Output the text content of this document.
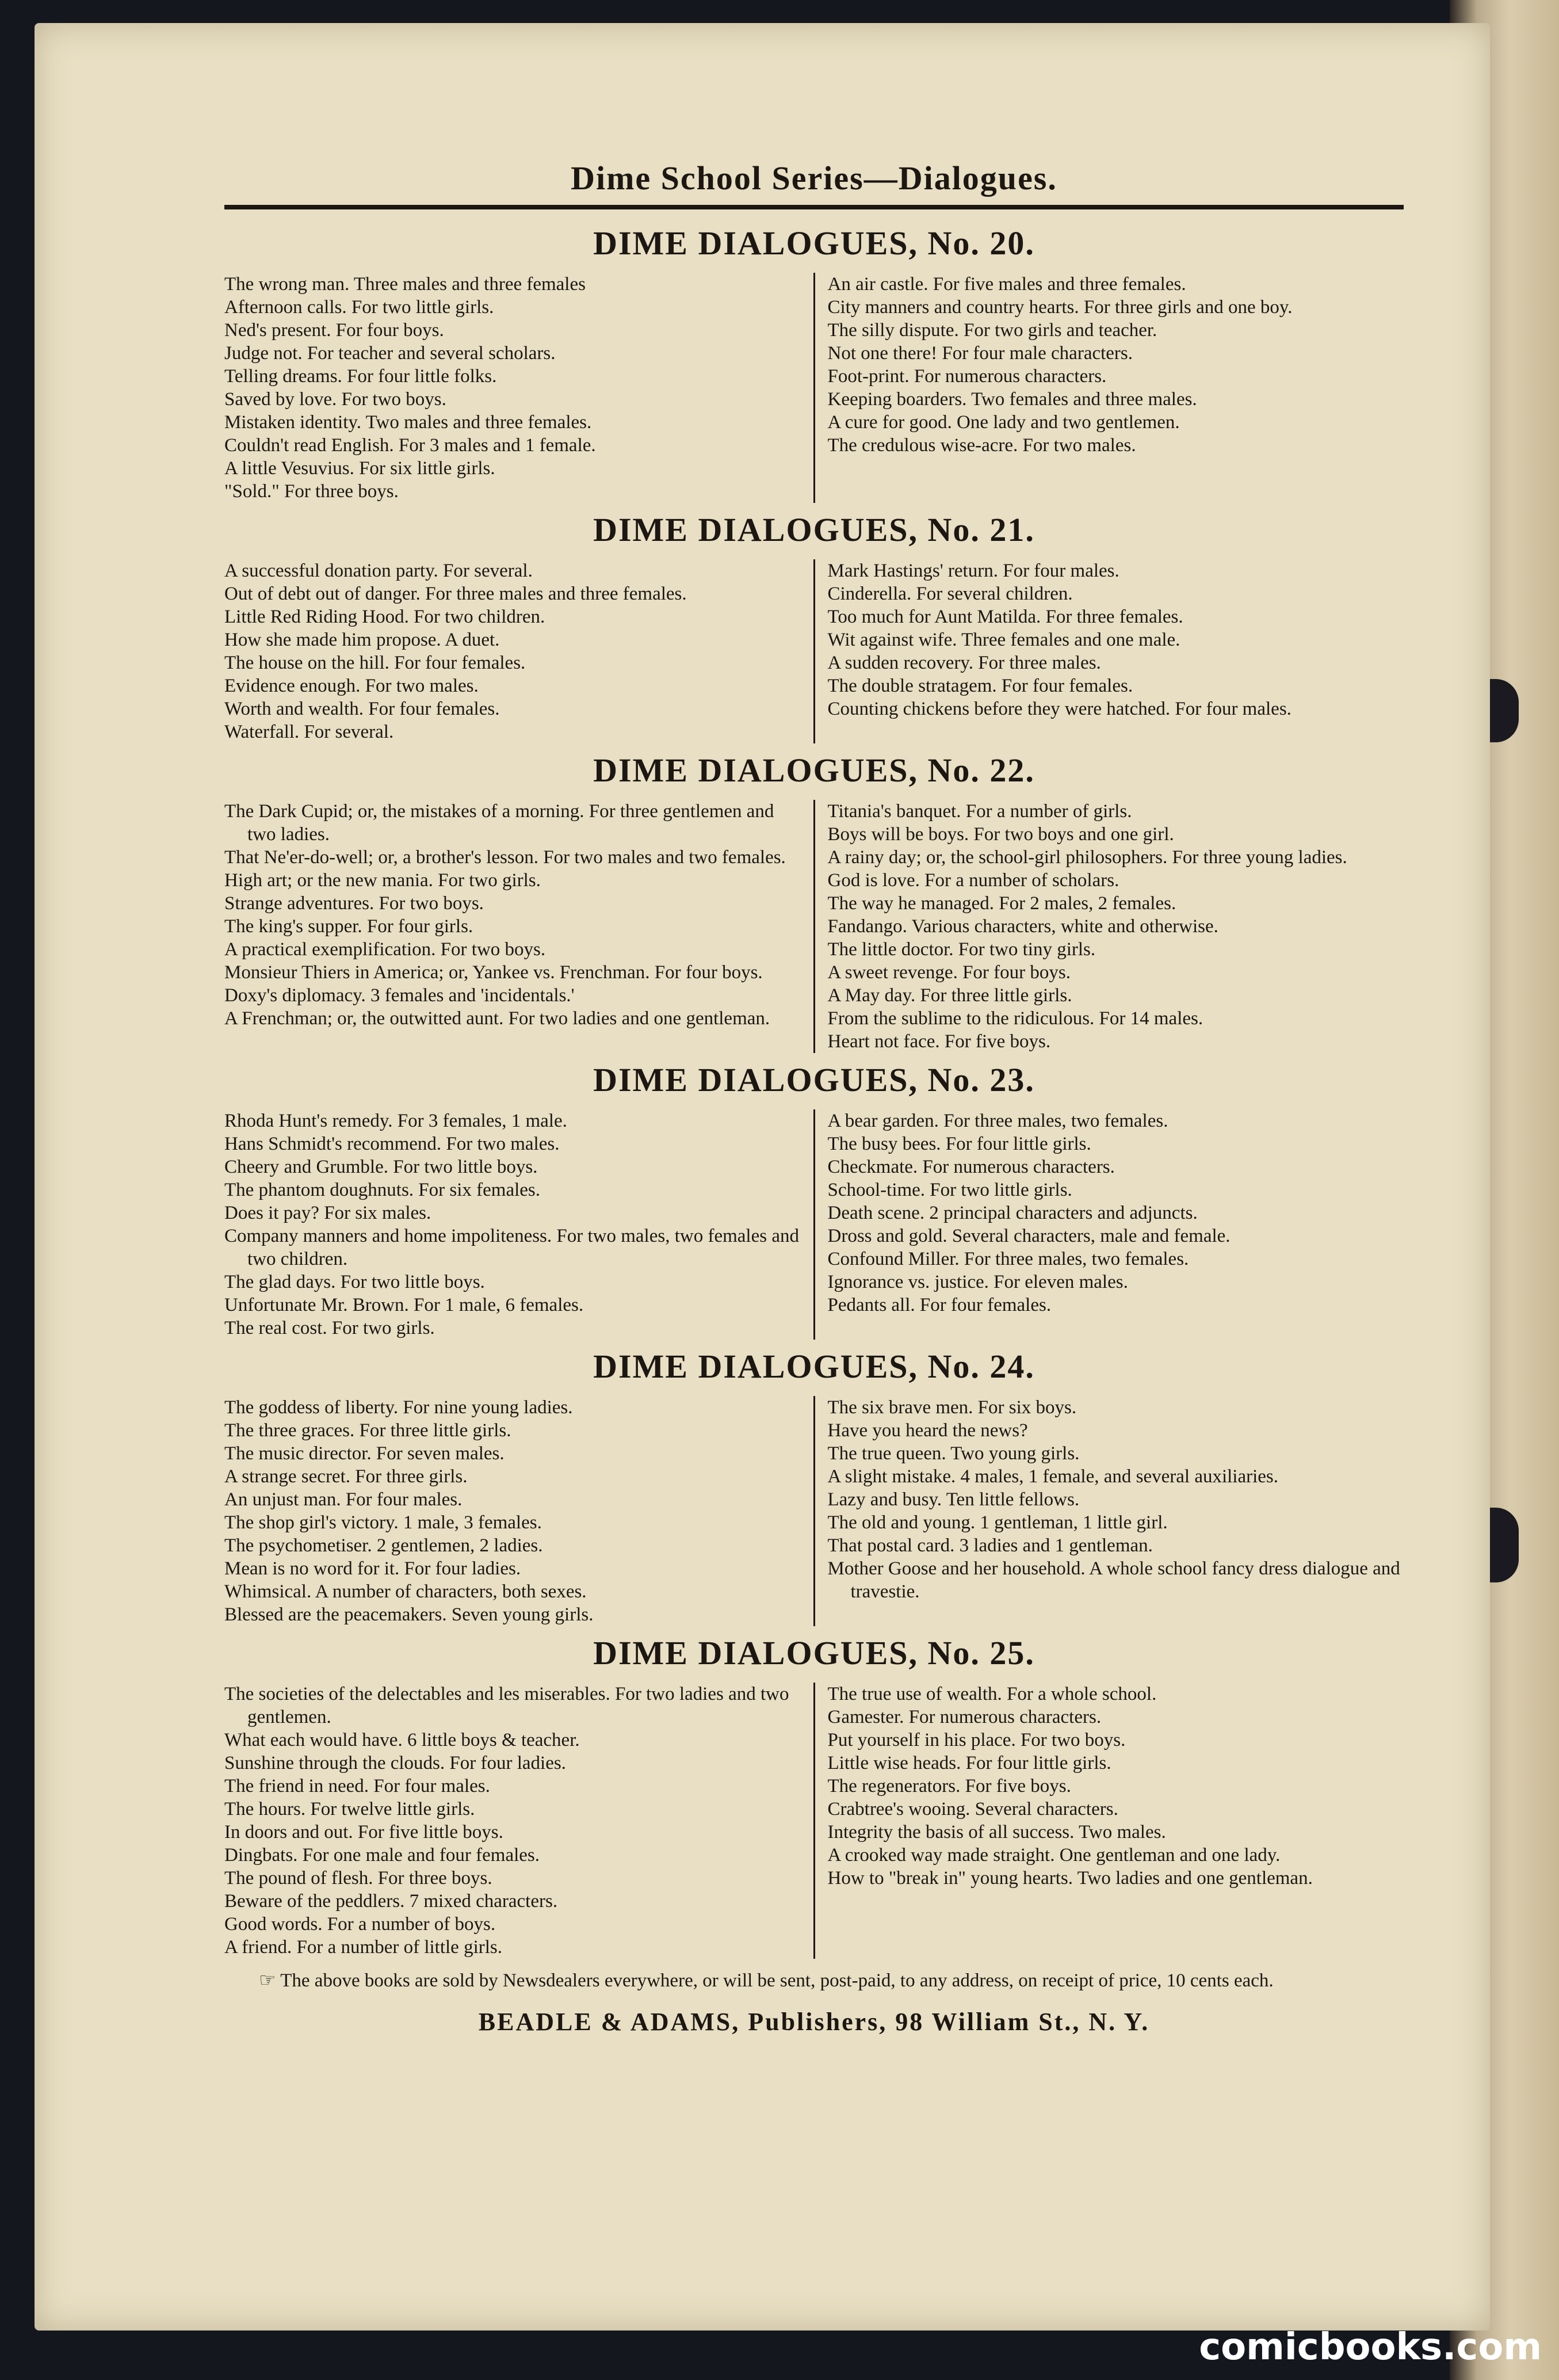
Dime School Series—Dialogues.
DIME DIALOGUES, No. 20.
The wrong man. Three males and three females
Afternoon calls. For two little girls.
Ned's present. For four boys.
Judge not. For teacher and several scholars.
Telling dreams. For four little folks.
Saved by love. For two boys.
Mistaken identity. Two males and three females.
Couldn't read English. For 3 males and 1 female.
A little Vesuvius. For six little girls.
"Sold." For three boys.
An air castle. For five males and three females.
City manners and country hearts. For three girls and one boy.
The silly dispute. For two girls and teacher.
Not one there! For four male characters.
Foot-print. For numerous characters.
Keeping boarders. Two females and three males.
A cure for good. One lady and two gentlemen.
The credulous wise-acre. For two males.
DIME DIALOGUES, No. 21.
A successful donation party. For several.
Out of debt out of danger. For three males and three females.
Little Red Riding Hood. For two children.
How she made him propose. A duet.
The house on the hill. For four females.
Evidence enough. For two males.
Worth and wealth. For four females.
Waterfall. For several.
Mark Hastings' return. For four males.
Cinderella. For several children.
Too much for Aunt Matilda. For three females.
Wit against wife. Three females and one male.
A sudden recovery. For three males.
The double stratagem. For four females.
Counting chickens before they were hatched. For four males.
DIME DIALOGUES, No. 22.
The Dark Cupid; or, the mistakes of a morning. For three gentlemen and two ladies.
That Ne'er-do-well; or, a brother's lesson. For two males and two females.
High art; or the new mania. For two girls.
Strange adventures. For two boys.
The king's supper. For four girls.
A practical exemplification. For two boys.
Monsieur Thiers in America; or, Yankee vs. Frenchman. For four boys.
Doxy's diplomacy. 3 females and 'incidentals.'
A Frenchman; or, the outwitted aunt. For two ladies and one gentleman.
Titania's banquet. For a number of girls.
Boys will be boys. For two boys and one girl.
A rainy day; or, the school-girl philosophers. For three young ladies.
God is love. For a number of scholars.
The way he managed. For 2 males, 2 females.
Fandango. Various characters, white and otherwise.
The little doctor. For two tiny girls.
A sweet revenge. For four boys.
A May day. For three little girls.
From the sublime to the ridiculous. For 14 males.
Heart not face. For five boys.
DIME DIALOGUES, No. 23.
Rhoda Hunt's remedy. For 3 females, 1 male.
Hans Schmidt's recommend. For two males.
Cheery and Grumble. For two little boys.
The phantom doughnuts. For six females.
Does it pay? For six males.
Company manners and home impoliteness. For two males, two females and two children.
The glad days. For two little boys.
Unfortunate Mr. Brown. For 1 male, 6 females.
The real cost. For two girls.
A bear garden. For three males, two females.
The busy bees. For four little girls.
Checkmate. For numerous characters.
School-time. For two little girls.
Death scene. 2 principal characters and adjuncts.
Dross and gold. Several characters, male and female.
Confound Miller. For three males, two females.
Ignorance vs. justice. For eleven males.
Pedants all. For four females.
DIME DIALOGUES, No. 24.
The goddess of liberty. For nine young ladies.
The three graces. For three little girls.
The music director. For seven males.
A strange secret. For three girls.
An unjust man. For four males.
The shop girl's victory. 1 male, 3 females.
The psychometiser. 2 gentlemen, 2 ladies.
Mean is no word for it. For four ladies.
Whimsical. A number of characters, both sexes.
Blessed are the peacemakers. Seven young girls.
The six brave men. For six boys.
Have you heard the news?
The true queen. Two young girls.
A slight mistake. 4 males, 1 female, and several auxiliaries.
Lazy and busy. Ten little fellows.
The old and young. 1 gentleman, 1 little girl.
That postal card. 3 ladies and 1 gentleman.
Mother Goose and her household. A whole school fancy dress dialogue and travestie.
DIME DIALOGUES, No. 25.
The societies of the delectables and les miserables. For two ladies and two gentlemen.
What each would have. 6 little boys & teacher.
Sunshine through the clouds. For four ladies.
The friend in need. For four males.
The hours. For twelve little girls.
In doors and out. For five little boys.
Dingbats. For one male and four females.
The pound of flesh. For three boys.
Beware of the peddlers. 7 mixed characters.
Good words. For a number of boys.
A friend. For a number of little girls.
The true use of wealth. For a whole school.
Gamester. For numerous characters.
Put yourself in his place. For two boys.
Little wise heads. For four little girls.
The regenerators. For five boys.
Crabtree's wooing. Several characters.
Integrity the basis of all success. Two males.
A crooked way made straight. One gentleman and one lady.
How to "break in" young hearts. Two ladies and one gentleman.
☞ The above books are sold by Newsdealers everywhere, or will be sent, post-paid, to any address, on receipt of price, 10 cents each.
BEADLE & ADAMS, Publishers, 98 William St., N. Y.
comicbooks.com
